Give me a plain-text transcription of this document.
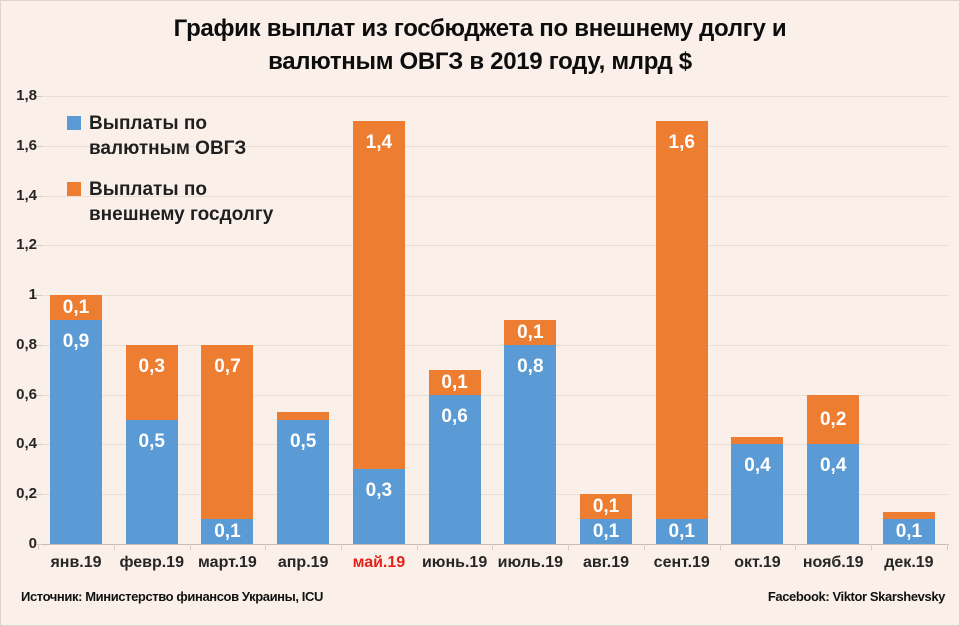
График выплат из госбюджета по внешнему долгу и
валютным ОВГЗ в 2019 году, млрд $
1,8
1,6
1,4
1,2
1
0,8
0,6
0,4
0,2
0
0,9
0,1
янв.19
0,5
0,3
февр.19
0,1
0,7
март.19
0,5
апр.19
0,3
1,4
май.19
0,6
0,1
июнь.19
0,8
0,1
июль.19
0,1
0,1
авг.19
0,1
1,6
сент.19
0,4
окт.19
0,4
0,2
нояб.19
0,1
дек.19
Выплаты по
валютным ОВГЗ
Выплаты по
внешнему госдолгу
Источник: Министерство финансов Украины, ICU	Facebook: Viktor Skarshevsky
